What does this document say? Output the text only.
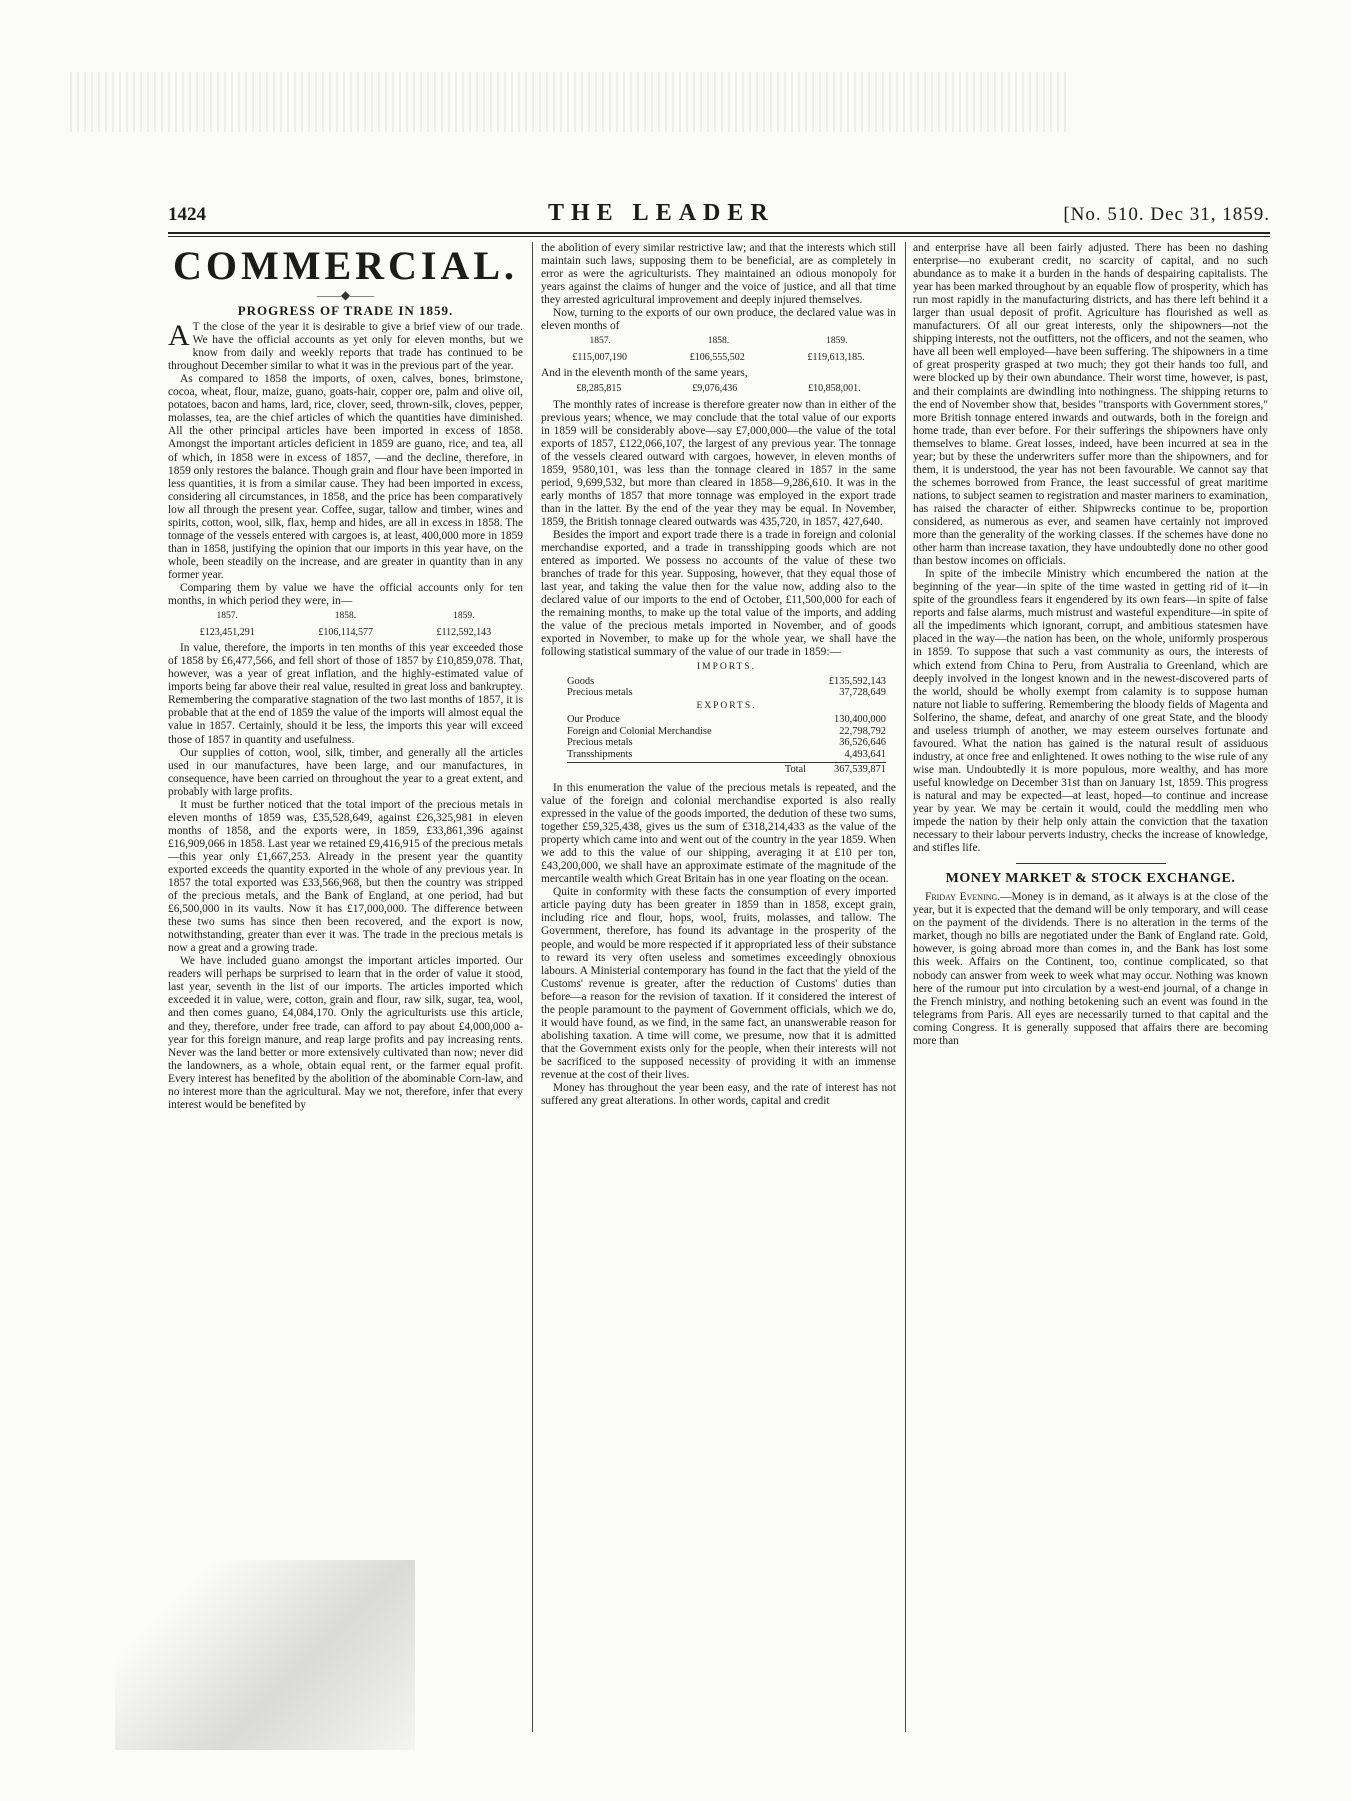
1424	THE LEADER	[No. 510. Dec 31, 1859.
COMMERCIAL.
——◆——
PROGRESS OF TRADE IN 1859.

A T the close of the year it is desirable to give a brief view of our trade. We have the official accounts as yet only for eleven months, but we know from daily and weekly reports that trade has continued to be throughout December similar to what it was in the previous part of the year.

As compared to 1858 the imports, of oxen, calves, bones, brimstone, cocoa, wheat, flour, maize, guano, goats-hair, copper ore, palm and olive oil, potatoes, bacon and hams, lard, rice, clover, seed, thrown-silk, cloves, pepper, molasses, tea, are the chief articles of which the quantities have diminished. All the other principal articles have been imported in excess of 1858. Amongst the important articles deficient in 1859 are guano, rice, and tea, all of which, in 1858 were in excess of 1857, —and the decline, therefore, in 1859 only restores the balance. Though grain and flour have been imported in less quantities, it is from a similar cause. They had been imported in excess, considering all circumstances, in 1858, and the price has been comparatively low all through the present year. Coffee, sugar, tallow and timber, wines and spirits, cotton, wool, silk, flax, hemp and hides, are all in excess in 1858. The tonnage of the vessels entered with cargoes is, at least, 400,000 more in 1859 than in 1858, justifying the opinion that our imports in this year have, on the whole, been steadily on the increase, and are greater in quantity than in any former year.

Comparing them by value we have the official accounts only for ten months, in which period they were, in—

1857.	1858.	1859.
£123,451,291	£106,114,577	£112,592,143

In value, therefore, the imports in ten months of this year exceeded those of 1858 by £6,477,566, and fell short of those of 1857 by £10,859,078. That, however, was a year of great inflation, and the highly-estimated value of imports being far above their real value, resulted in great loss and bankruptey. Remembering the comparative stagnation of the two last months of 1857, it is probable that at the end of 1859 the value of the imports will almost equal the value in 1857. Certainly, should it be less, the imports this year will exceed those of 1857 in quantity and usefulness.

Our supplies of cotton, wool, silk, timber, and generally all the articles used in our manufactures, have been large, and our manufactures, in consequence, have been carried on throughout the year to a great extent, and probably with large profits.

It must be further noticed that the total import of the precious metals in eleven months of 1859 was, £35,528,649, against £26,325,981 in eleven months of 1858, and the exports were, in 1859, £33,861,396 against £16,909,066 in 1858. Last year we retained £9,416,915 of the precious metals —this year only £1,667,253. Already in the present year the quantity exported exceeds the quantity exported in the whole of any previous year. In 1857 the total exported was £33,566,968, but then the country was stripped of the precious metals, and the Bank of England, at one period, had but £6,500,000 in its vaults. Now it has £17,000,000. The difference between these two sums has since then been recovered, and the export is now, notwithstanding, greater than ever it was. The trade in the precious metals is now a great and a growing trade.

We have included guano amongst the important articles imported. Our readers will perhaps be surprised to learn that in the order of value it stood, last year, seventh in the list of our imports. The articles imported which exceeded it in value, were, cotton, grain and flour, raw silk, sugar, tea, wool, and then comes guano, £4,084,170. Only the agriculturists use this article, and they, therefore, under free trade, can afford to pay about £4,000,000 a-year for this foreign manure, and reap large profits and pay increasing rents. Never was the land better or more extensively cultivated than now; never did the landowners, as a whole, obtain equal rent, or the farmer equal profit. Every interest has benefited by the abolition of the abominable Corn-law, and no interest more than the agricultural. May we not, therefore, infer that every interest would be benefited by

the abolition of every similar restrictive law; and that the interests which still maintain such laws, supposing them to be beneficial, are as completely in error as were the agriculturists. They maintained an odious monopoly for years against the claims of hunger and the voice of justice, and all that time they arrested agricultural improvement and deeply injured themselves.

Now, turning to the exports of our own produce, the declared value was in eleven months of

1857.	1858.	1859.
£115,007,190	£106,555,502	£119,613,185.

And in the eleventh month of the same years,

£8,285,815	£9,076,436	£10,858,001.

The monthly rates of increase is therefore greater now than in either of the previous years; whence, we may conclude that the total value of our exports in 1859 will be considerably above—say £7,000,000—the value of the total exports of 1857, £122,066,107, the largest of any previous year. The tonnage of the vessels cleared outward with cargoes, however, in eleven months of 1859, 9580,101, was less than the tonnage cleared in 1857 in the same period, 9,699,532, but more than cleared in 1858—9,286,610. It was in the early months of 1857 that more tonnage was employed in the export trade than in the latter. By the end of the year they may be equal. In November, 1859, the British tonnage cleared outwards was 435,720, in 1857, 427,640.

Besides the import and export trade there is a trade in foreign and colonial merchandise exported, and a trade in transshipping goods which are not entered as imported. We possess no accounts of the value of these two branches of trade for this year. Supposing, however, that they equal those of last year, and taking the value then for the value now, adding also to the declared value of our imports to the end of October, £11,500,000 for each of the remaining months, to make up the total value of the imports, and adding the value of the precious metals imported in November, and of goods exported in November, to make up for the whole year, we shall have the following statistical summary of the value of our trade in 1859:—

IMPORTS.
Goods	£135,592,143
Precious metals	37,728,649
EXPORTS.
Our Produce	130,400,000
Foreign and Colonial Merchandise	22,798,792
Precious metals	36,526,646
Transshipments	4,493,641
Total	367,539,871

In this enumeration the value of the precious metals is repeated, and the value of the foreign and colonial merchandise exported is also really expressed in the value of the goods imported, the dedution of these two sums, together £59,325,438, gives us the sum of £318,214,433 as the value of the property which came into and went out of the country in the year 1859. When we add to this the value of our shipping, averaging it at £10 per ton, £43,200,000, we shall have an approximate estimate of the magnitude of the mercantile wealth which Great Britain has in one year floating on the ocean.

Quite in conformity with these facts the consumption of every imported article paying duty has been greater in 1859 than in 1858, except grain, including rice and flour, hops, wool, fruits, molasses, and tallow. The Government, therefore, has found its advantage in the prosperity of the people, and would be more respected if it appropriated less of their substance to reward its very often useless and sometimes exceedingly obnoxious labours. A Ministerial contemporary has found in the fact that the yield of the Customs' revenue is greater, after the reduction of Customs' duties than before—a reason for the revision of taxation. If it considered the interest of the people paramount to the payment of Government officials, which we do, it would have found, as we find, in the same fact, an unanswerable reason for abolishing taxation. A time will come, we presume, now that it is admitted that the Government exists only for the people, when their interests will not be sacrificed to the supposed necessity of providing it with an immense revenue at the cost of their lives.

Money has throughout the year been easy, and the rate of interest has not suffered any great alterations. In other words, capital and credit

and enterprise have all been fairly adjusted. There has been no dashing enterprise—no exuberant credit, no scarcity of capital, and no such abundance as to make it a burden in the hands of despairing capitalists. The year has been marked throughout by an equable flow of prosperity, which has run most rapidly in the manufacturing districts, and has there left behind it a larger than usual deposit of profit. Agriculture has flourished as well as manufacturers. Of all our great interests, only the shipowners—not the shipping interests, not the outfitters, not the officers, and not the seamen, who have all been well employed—have been suffering. The shipowners in a time of great prosperity grasped at two much; they got their hands too full, and were blocked up by their own abundance. Their worst time, however, is past, and their complaints are dwindling into nothingness. The shipping returns to the end of November show that, besides "transports with Government stores," more British tonnage entered inwards and outwards, both in the foreign and home trade, than ever before. For their sufferings the shipowners have only themselves to blame. Great losses, indeed, have been incurred at sea in the year; but by these the underwriters suffer more than the shipowners, and for them, it is understood, the year has not been favourable. We cannot say that the schemes borrowed from France, the least successful of great maritime nations, to subject seamen to registration and master mariners to examination, has raised the character of either. Shipwrecks continue to be, proportion considered, as numerous as ever, and seamen have certainly not improved more than the generality of the working classes. If the schemes have done no other harm than increase taxation, they have undoubtedly done no other good than bestow incomes on officials.

In spite of the imbecile Ministry which encumbered the nation at the beginning of the year—in spite of the time wasted in getting rid of it—in spite of the groundless fears it engendered by its own fears—in spite of false reports and false alarms, much mistrust and wasteful expenditure—in spite of all the impediments which ignorant, corrupt, and ambitious statesmen have placed in the way—the nation has been, on the whole, uniformly prosperous in 1859. To suppose that such a vast community as ours, the interests of which extend from China to Peru, from Australia to Greenland, which are deeply involved in the longest known and in the newest-discovered parts of the world, should be wholly exempt from calamity is to suppose human nature not liable to suffering. Remembering the bloody fields of Magenta and Solferino, the shame, defeat, and anarchy of one great State, and the bloody and useless triumph of another, we may esteem ourselves fortunate and favoured. What the nation has gained is the natural result of assiduous industry, at once free and enlightened. It owes nothing to the wise rule of any wise man. Undoubtedly it is more populous, more wealthy, and has more useful knowledge on December 31st than on January 1st, 1859. This progress is natural and may be expected—at least, hoped—to continue and increase year by year. We may be certain it would, could the meddling men who impede the nation by their help only attain the conviction that the taxation necessary to their labour perverts industry, checks the increase of knowledge, and stifles life.

MONEY MARKET & STOCK EXCHANGE.

Friday Evening.—Money is in demand, as it always is at the close of the year, but it is expected that the demand will be only temporary, and will cease on the payment of the dividends. There is no alteration in the terms of the market, though no bills are negotiated under the Bank of England rate. Gold, however, is going abroad more than comes in, and the Bank has lost some this week. Affairs on the Continent, too, continue complicated, so that nobody can answer from week to week what may occur. Nothing was known here of the rumour put into circulation by a west-end journal, of a change in the French ministry, and nothing betokening such an event was found in the telegrams from Paris. All eyes are necessarily turned to that capital and the coming Congress. It is generally supposed that affairs there are becoming more than
